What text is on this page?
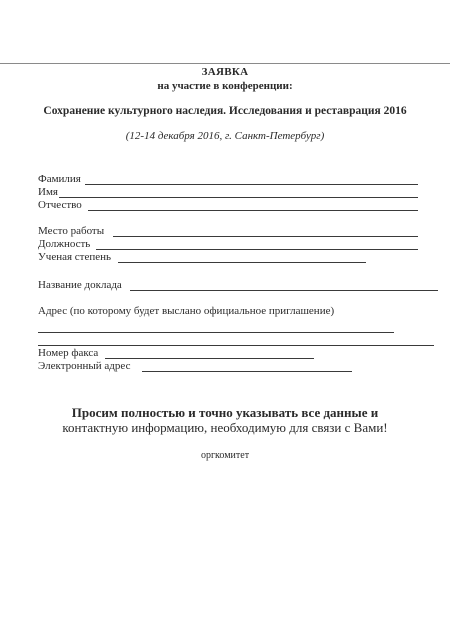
ЗАЯВКА
на участие в конференции:
Сохранение культурного наследия. Исследования и реставрация 2016
(12-14 декабря 2016, г. Санкт-Петербург)
Фамилия
Имя
Отчество
Место работы
Должность
Ученая степень
Название доклада
Адрес (по которому будет выслано официальное приглашение)
Номер факса
Электронный адрес
Просим полностью и точно указывать все данные и
контактную информацию, необходимую для связи с Вами!
оргкомитет
